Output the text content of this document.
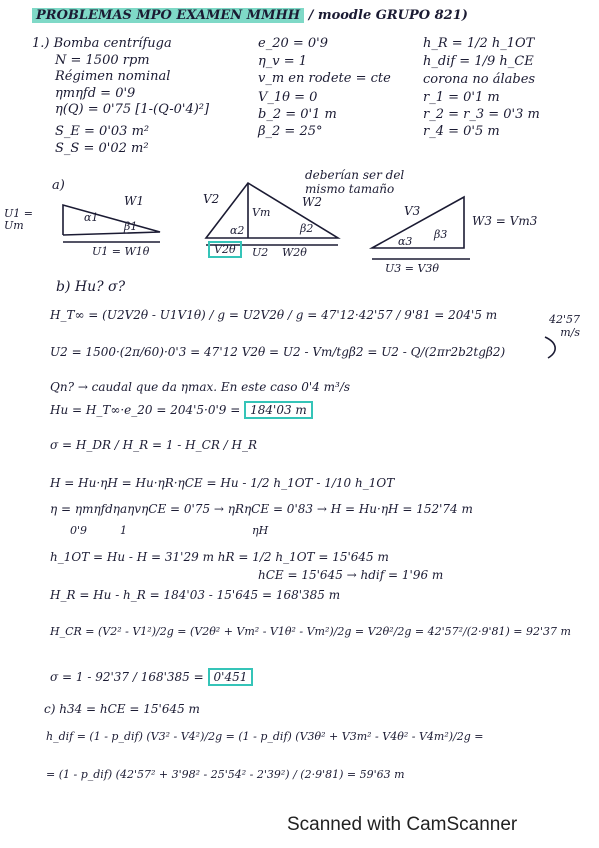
PROBLEMAS MPO EXAMEN MMHH / moodle GRUPO 821)
1.) Bomba centrífuga
N = 1500 rpm
Régimen nominal
ηmηfd = 0'9
η(Q) = 0'75 [1-(Q-0'4)²]
S_E = 0'03 m²
S_S = 0'02 m²
e_20 = 0'9
η_v = 1
v_m en rodete = cte
V_1θ = 0
b_2 = 0'1 m
β_2 = 25°
h_R = 1/2 h_1OT
h_dif = 1/9 h_CE
corona no álabes
r_1 = 0'1 m
r_2 = r_3 = 0'3 m
r_4 = 0'5 m
a)
deberían ser del mismo tamaño
U1 = Um
W1
α1
β1
U1 = W1θ
V2
Vm
W2
α2	β2
V2θ	U2 W2θ
V3
W3 = Vm3
α3
β3
U3 = V3θ
b) Hu? σ?
H_T∞ = (U2V2θ - U1V1θ) / g = U2V2θ / g = 47'12·42'57 / 9'81 = 204'5 m	42'57 m/s
U2 = 1500·(2π/60)·0'3 = 47'12 V2θ = U2 - Vm/tgβ2 = U2 - Q/(2πr2b2tgβ2)
Qn? → caudal que da ηmax. En este caso 0'4 m³/s
Hu = H_T∞·e_20 = 204'5·0'9 = 184'03 m
σ = H_DR / H_R = 1 - H_CR / H_R
H = Hu·ηH = Hu·ηR·ηCE = Hu - 1/2 h_1OT - 1/10 h_1OT
η = ηmηfdηaηvηCE = 0'75 → ηRηCE = 0'83 → H = Hu·ηH = 152'74 m
0'9	1	ηH
h_1OT = Hu - H = 31'29 m hR = 1/2 h_1OT = 15'645 m
hCE = 15'645 → hdif = 1'96 m
H_R = Hu - h_R = 184'03 - 15'645 = 168'385 m
H_CR = (V2² - V1²)/2g = (V2θ² + Vm² - V1θ² - Vm²)/2g = V2θ²/2g = 42'57²/(2·9'81) = 92'37 m
σ = 1 - 92'37 / 168'385 = 0'451
c) h34 = hCE = 15'645 m
h_dif = (1 - p_dif) (V3² - V4²)/2g = (1 - p_dif) (V3θ² + V3m² - V4θ² - V4m²)/2g =
= (1 - p_dif) (42'57² + 3'98² - 25'54² - 2'39²) / (2·9'81) = 59'63 m
Scanned with CamScanner
